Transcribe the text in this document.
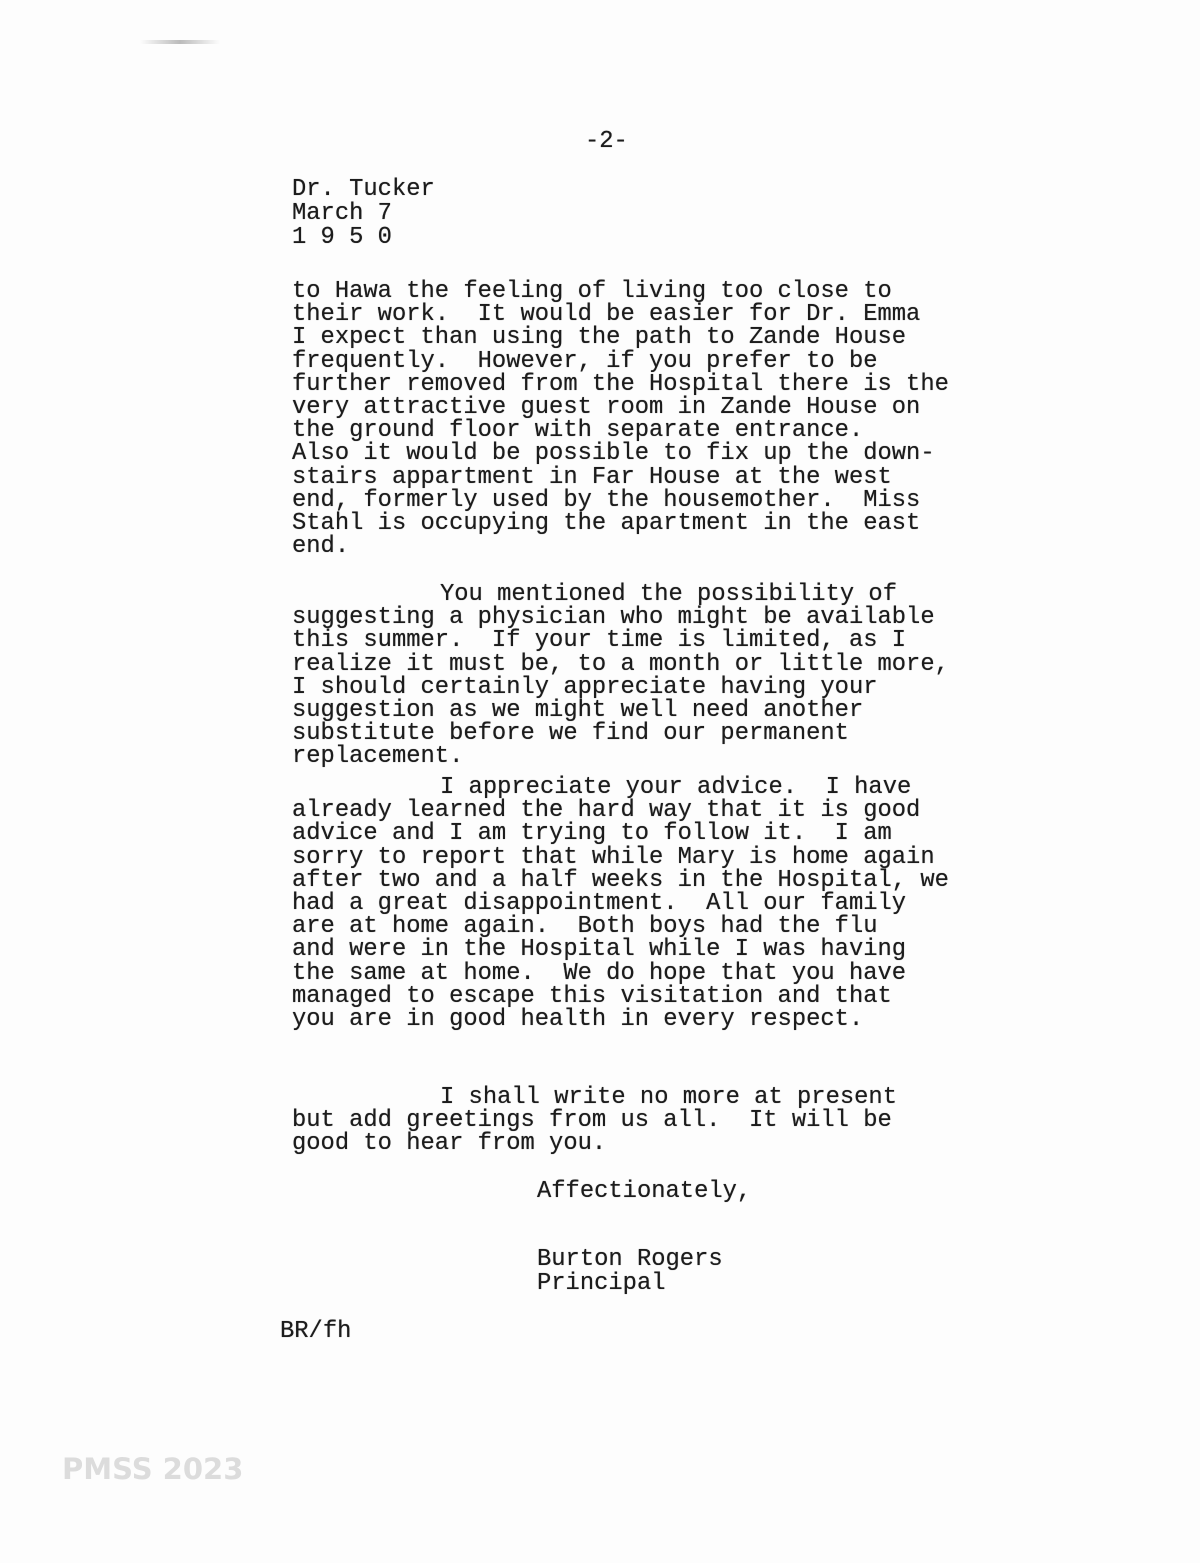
-2-
Dr. Tucker
March 7
1 9 5 0
to Hawa the feeling of living too close to
their work.  It would be easier for Dr. Emma
I expect than using the path to Zande House
frequently.  However, if you prefer to be
further removed from the Hospital there is the
very attractive guest room in Zande House on
the ground floor with separate entrance.
Also it would be possible to fix up the down-
stairs appartment in Far House at the west
end, formerly used by the housemother.  Miss
Stahl is occupying the apartment in the east
end.
You mentioned the possibility of
suggesting a physician who might be available
this summer.  If your time is limited, as I
realize it must be, to a month or little more,
I should certainly appreciate having your
suggestion as we might well need another
substitute before we find our permanent
replacement.
I appreciate your advice.  I have
already learned the hard way that it is good
advice and I am trying to follow it.  I am
sorry to report that while Mary is home again
after two and a half weeks in the Hospital, we
had a great disappointment.  All our family
are at home again.  Both boys had the flu
and were in the Hospital while I was having
the same at home.  We do hope that you have
managed to escape this visitation and that
you are in good health in every respect.
I shall write no more at present
but add greetings from us all.  It will be
good to hear from you.
Affectionately,
Burton Rogers
Principal
BR/fh
PMSS 2023
